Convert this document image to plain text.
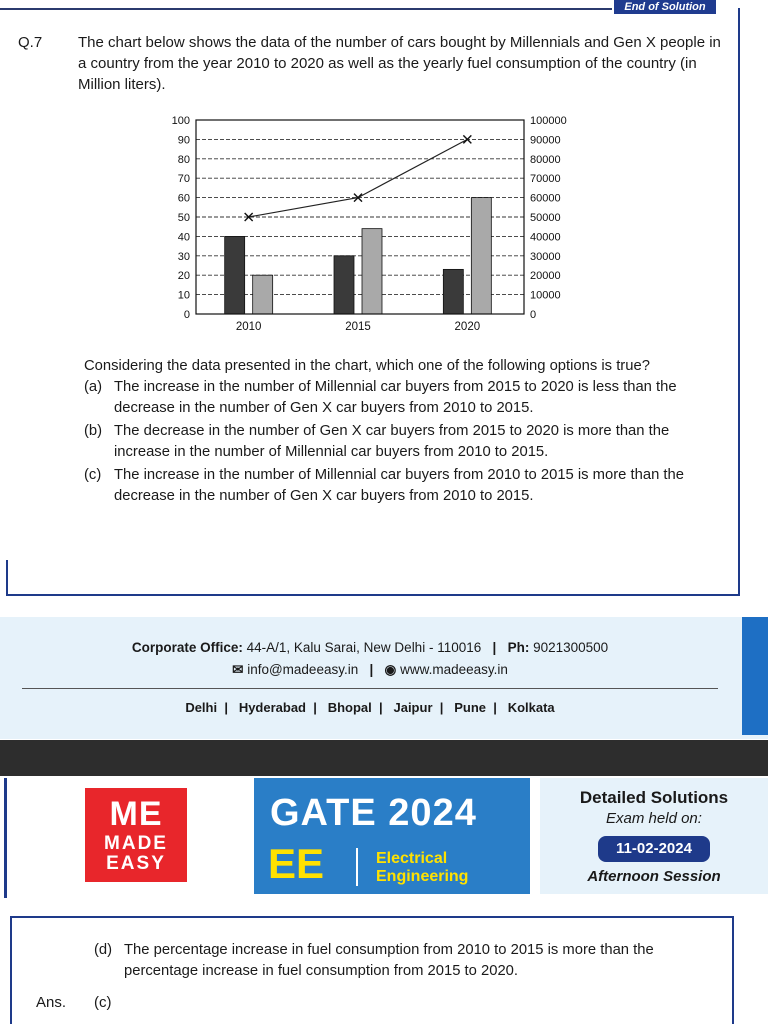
End of Solution
Q.7 The chart below shows the data of the number of cars bought by Millennials and Gen X people in a country from the year 2010 to 2020 as well as the yearly fuel consumption of the country (in Million liters).
0
10
20
30
40
50
60
70
80
90
100
0
10000
20000
30000
40000
50000
60000
70000
80000
90000
100000
2010	2015	2020
Considering the data presented in the chart, which one of the following options is true?
(a) The increase in the number of Millennial car buyers from 2015 to 2020 is less than the decrease in the number of Gen X car buyers from 2010 to 2015.
(b) The decrease in the number of Gen X car buyers from 2015 to 2020 is more than the increase in the number of Millennial car buyers from 2010 to 2015.
(c) The increase in the number of Millennial car buyers from 2010 to 2015 is more than the decrease in the number of Gen X car buyers from 2010 to 2015.
Corporate Office: 44-A/1, Kalu Sarai, New Delhi - 110016   |   Ph: 9021300500
✉ info@madeeasy.in   |   ◉ www.madeeasy.in
Delhi  |   Hyderabad  |   Bhopal  |   Jaipur  |   Pune  |   Kolkata
ME
MADE
EASY
GATE 2024
EE	Electrical
Engineering
Detailed Solutions
Exam held on:
11-02-2024
Afternoon Session
(d) The percentage increase in fuel consumption from 2010 to 2015 is more than the percentage increase in fuel consumption from 2015 to 2020.
Ans. (c)
